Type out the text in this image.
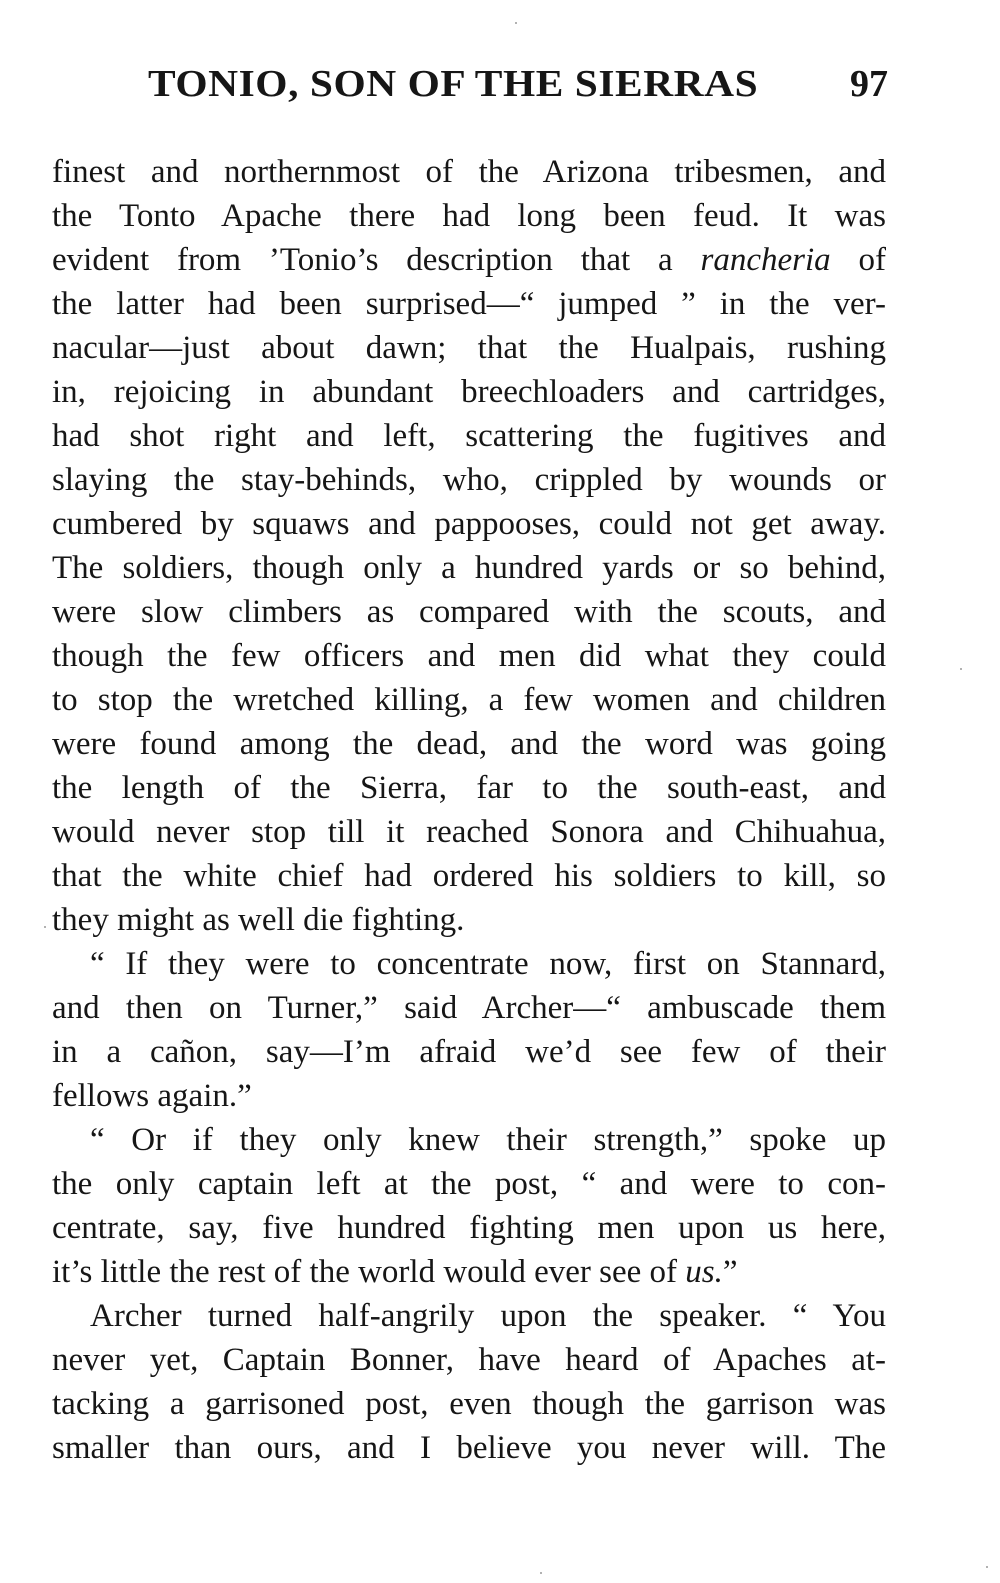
TONIO, SON OF THE SIERRAS 97
finest and northernmost of the Arizona tribesmen, and
the Tonto Apache there had long been feud. It was
evident from ’Tonio’s description that a rancheria of
the latter had been surprised—“ jumped ” in the ver-
nacular—just about dawn; that the Hualpais, rushing
in, rejoicing in abundant breechloaders and cartridges,
had shot right and left, scattering the fugitives and
slaying the stay-behinds, who, crippled by wounds or
cumbered by squaws and pappooses, could not get away.
The soldiers, though only a hundred yards or so behind,
were slow climbers as compared with the scouts, and
though the few officers and men did what they could
to stop the wretched killing, a few women and children
were found among the dead, and the word was going
the length of the Sierra, far to the south-east, and
would never stop till it reached Sonora and Chihuahua,
that the white chief had ordered his soldiers to kill, so
they might as well die fighting.
“ If they were to concentrate now, first on Stannard,
and then on Turner,” said Archer—“ ambuscade them
in a cañon, say—I’m afraid we’d see few of their
fellows again.”
“ Or if they only knew their strength,” spoke up
the only captain left at the post, “ and were to con-
centrate, say, five hundred fighting men upon us here,
it’s little the rest of the world would ever see of us.”
Archer turned half-angrily upon the speaker. “ You
never yet, Captain Bonner, have heard of Apaches at-
tacking a garrisoned post, even though the garrison was
smaller than ours, and I believe you never will. The
